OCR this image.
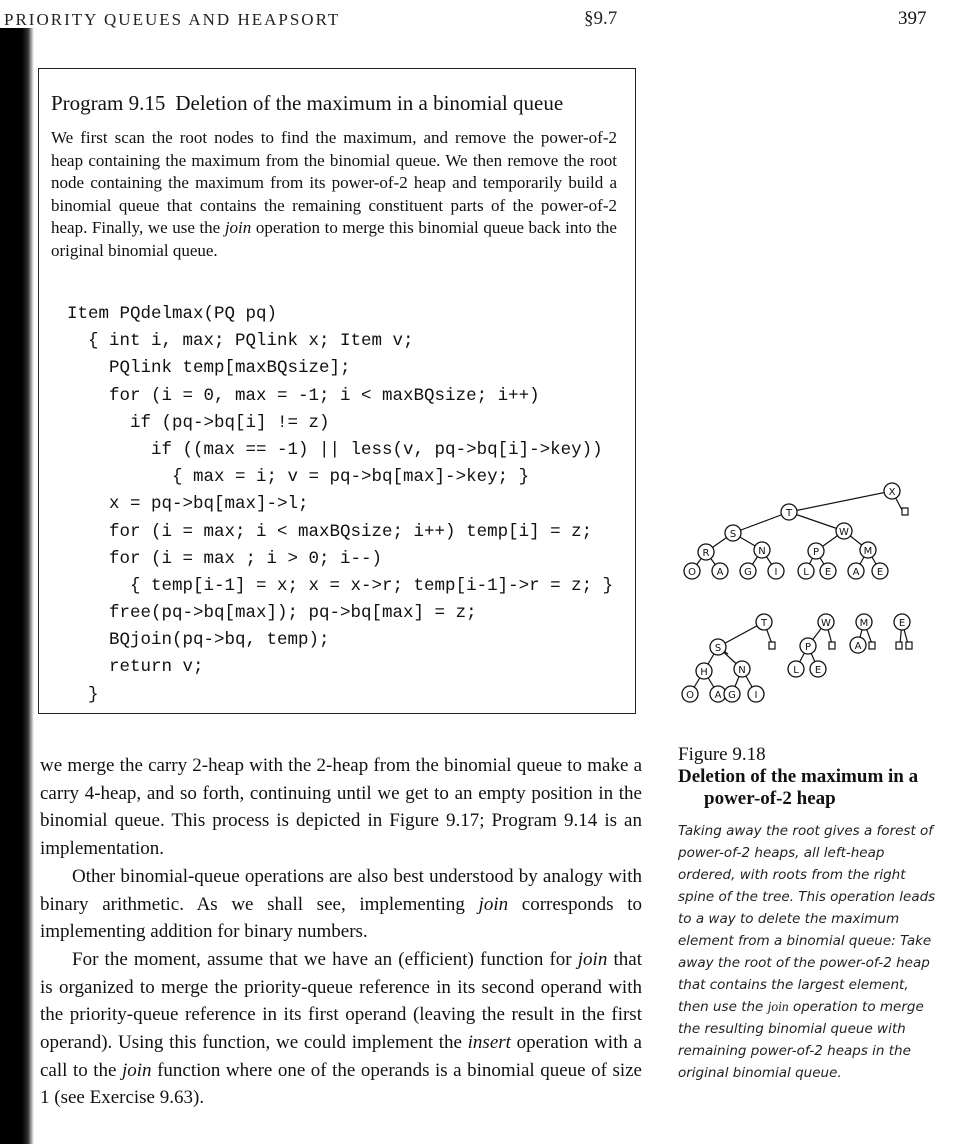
PRIORITY QUEUES AND HEAPSORT	§9.7	397
Program 9.15 Deletion of the maximum in a binomial queue
We first scan the root nodes to find the maximum, and remove the power-of-2 heap containing the maximum from the binomial queue. We then remove the root node containing the maximum from its power-of-2 heap and temporarily build a binomial queue that contains the remaining constituent parts of the power-of-2 heap. Finally, we use the join operation to merge this binomial queue back into the original binomial queue.
Item PQdelmax(PQ pq)
{ int i, max; PQlink x; Item v;
PQlink temp[maxBQsize];
for (i = 0, max = -1; i < maxBQsize; i++)
if (pq->bq[i] != z)
if ((max == -1) || less(v, pq->bq[i]->key))
{ max = i; v = pq->bq[max]->key; }
x = pq->bq[max]->l;
for (i = max; i < maxBQsize; i++) temp[i] = z;
for (i = max ; i > 0; i--)
{ temp[i-1] = x; x = x->r; temp[i-1]->r = z; }
free(pq->bq[max]); pq->bq[max] = z;
BQjoin(pq->bq, temp);
return v;
}

we merge the carry 2-heap with the 2-heap from the binomial queue to make a carry 4-heap, and so forth, continuing until we get to an empty position in the binomial queue. This process is depicted in Figure 9.17; Program 9.14 is an implementation.

Other binomial-queue operations are also best understood by analogy with binary arithmetic. As we shall see, implementing join corresponds to implementing addition for binary numbers.

For the moment, assume that we have an (efficient) function for join that is organized to merge the priority-queue reference in its second operand with the priority-queue reference in its first operand (leaving the result in the first operand). Using this function, we could implement the insert operation with a call to the join function where one of the operands is a binomial queue of size 1 (see Exercise 9.63).

X
T
S	W
R	N	P	M
O A G I	L E A E
T	W	M	E
S	P	A
H	N	L E
O A G I
Figure 9.18
Deletion of the maximum in a
power-of-2 heap
Taking away the root gives a forest of power-of-2 heaps, all left-heap ordered, with roots from the right spine of the tree. This operation leads to a way to delete the maximum element from a binomial queue: Take away the root of the power-of-2 heap that contains the largest element, then use the join operation to merge the resulting binomial queue with remaining power-of-2 heaps in the original binomial queue.
